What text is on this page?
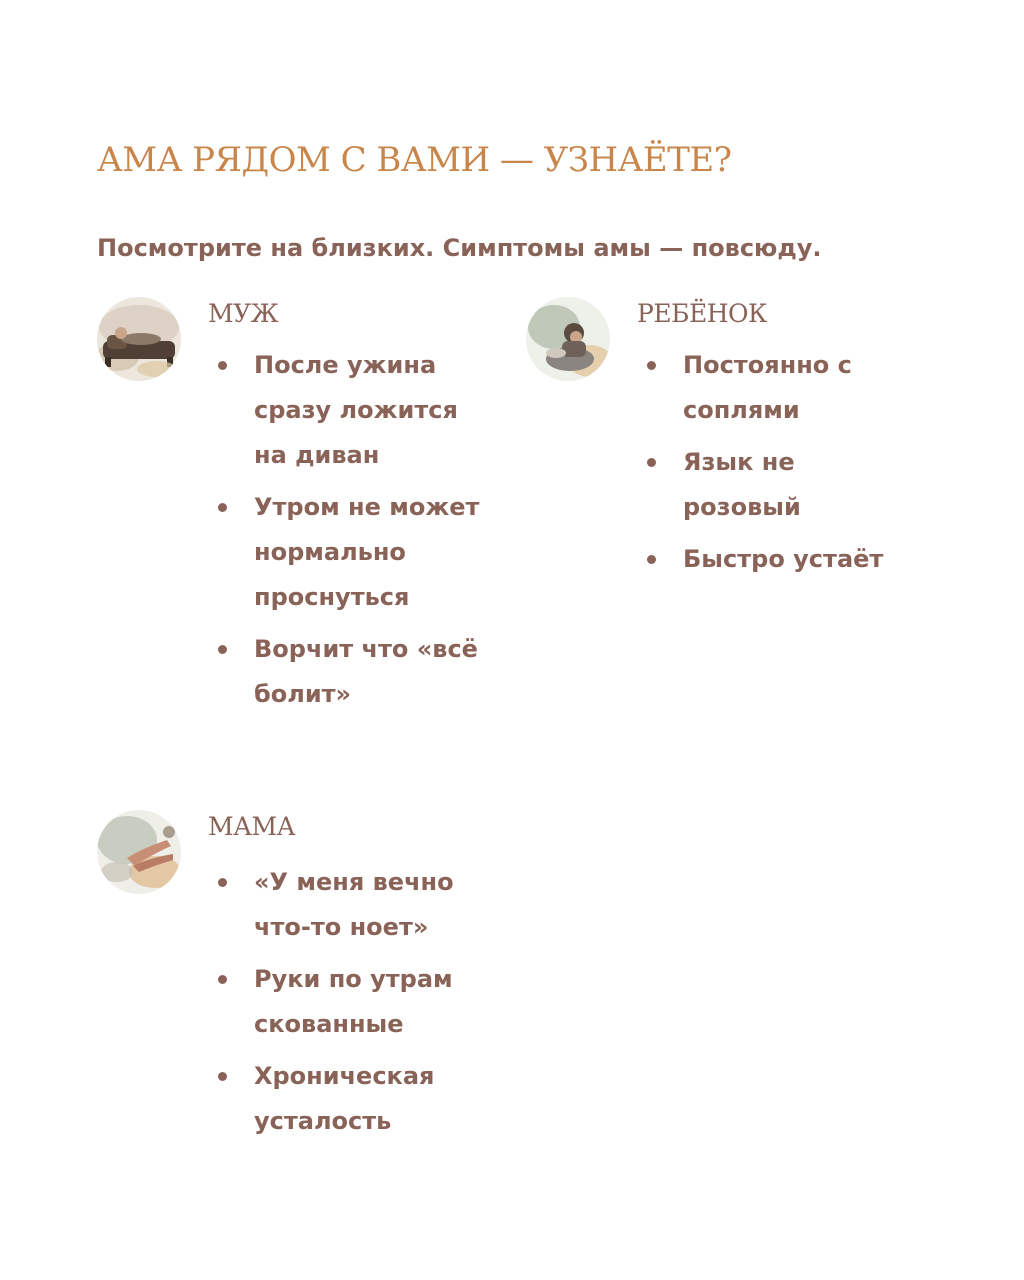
АМА РЯДОМ С ВАМИ — УЗНАЁТЕ?

Посмотрите на близких. Симптомы амы — повсюду.

МУЖ
После ужина сразу ложится на диван
Утром не может нормально проснуться
Ворчит что «всё болит»
РЕБЁНОК
Постоянно с соплями
Язык не розовый
Быстро устаёт
МАМА
«У меня вечно что-то ноет»
Руки по утрам скованные
Хроническая усталость
